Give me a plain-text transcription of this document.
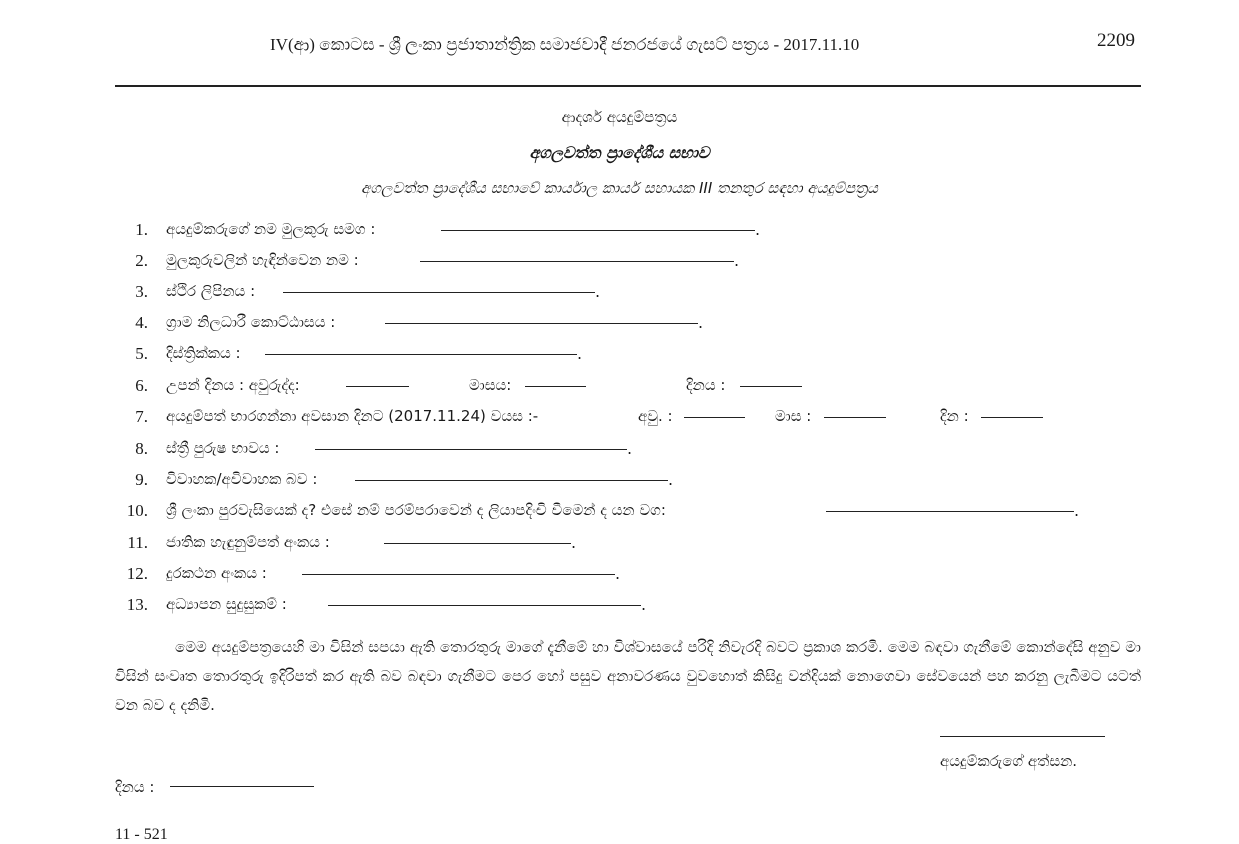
IV(ආ) කොටස - ශ්‍රී ලංකා ප්‍රජාතාන්ත්‍රික සමාජවාදී ජනරජයේ ගැසට් පත්‍රය - 2017.11.10	2209
ආදර්ශ අයදුම්පත්‍රය
අගලවත්ත ප්‍රාදේශීය සභාව
අගලවත්ත ප්‍රාදේශීය සභාවේ කාර්යාල කාර්ය සහායක III තනතුර සඳහා අයදුම්පත්‍රය
1. අයදුම්කරුගේ නම මුලකුරු සමග :	.
2. මුලකුරුවලින් හැඳින්වෙන නම :	.
3. ස්ථිර ලිපිනය :	.
4. ග්‍රාම නිලධාරී කොට්ඨාසය :	.
5. දිස්ත්‍රික්කය :	.
6. උපන් දිනය : අවුරුද්ද:	මාසය:	දිනය :
7. අයදුම්පත් භාරගන්නා අවසාන දිනට (2017.11.24) වයස :-	අවු. :	මාස :	දින :
8. ස්ත්‍රී පුරුෂ භාවය :	.
9. විවාහක/අවිවාහක බව :	.
10. ශ්‍රී ලංකා පුරවැසියෙක් ද? එසේ නම් පරම්පරාවෙන් ද ලියාපදිංචි වීමෙන් ද යන වග:	.
11. ජාතික හැඳුනුම්පත් අංකය :	.
12. දුරකථන අංකය :	.
13. අධ්‍යාපන සුදුසුකම් :	.

මෙම අයදුම්පත්‍රයෙහි මා විසින් සපයා ඇති තොරතුරු මාගේ දැනීමේ හා විශ්වාසයේ පරිදි නිවැරදි බවට ප්‍රකාශ කරමි. මෙම බඳවා ගැනීමේ කොන්දේසි අනුව මා විසින් සංවෘත තොරතුරු ඉදිරිපත් කර ඇති බව බඳවා ගැනීමට පෙර හෝ පසුව අනාවරණය වුවහොත් කිසිදු වන්දියක් නොගෙවා සේවයෙන් පහ කරනු ලැබීමට යටත් වන බව ද දනිමි.

අයදුම්කරුගේ අත්සන.
දිනය :
11 - 521
